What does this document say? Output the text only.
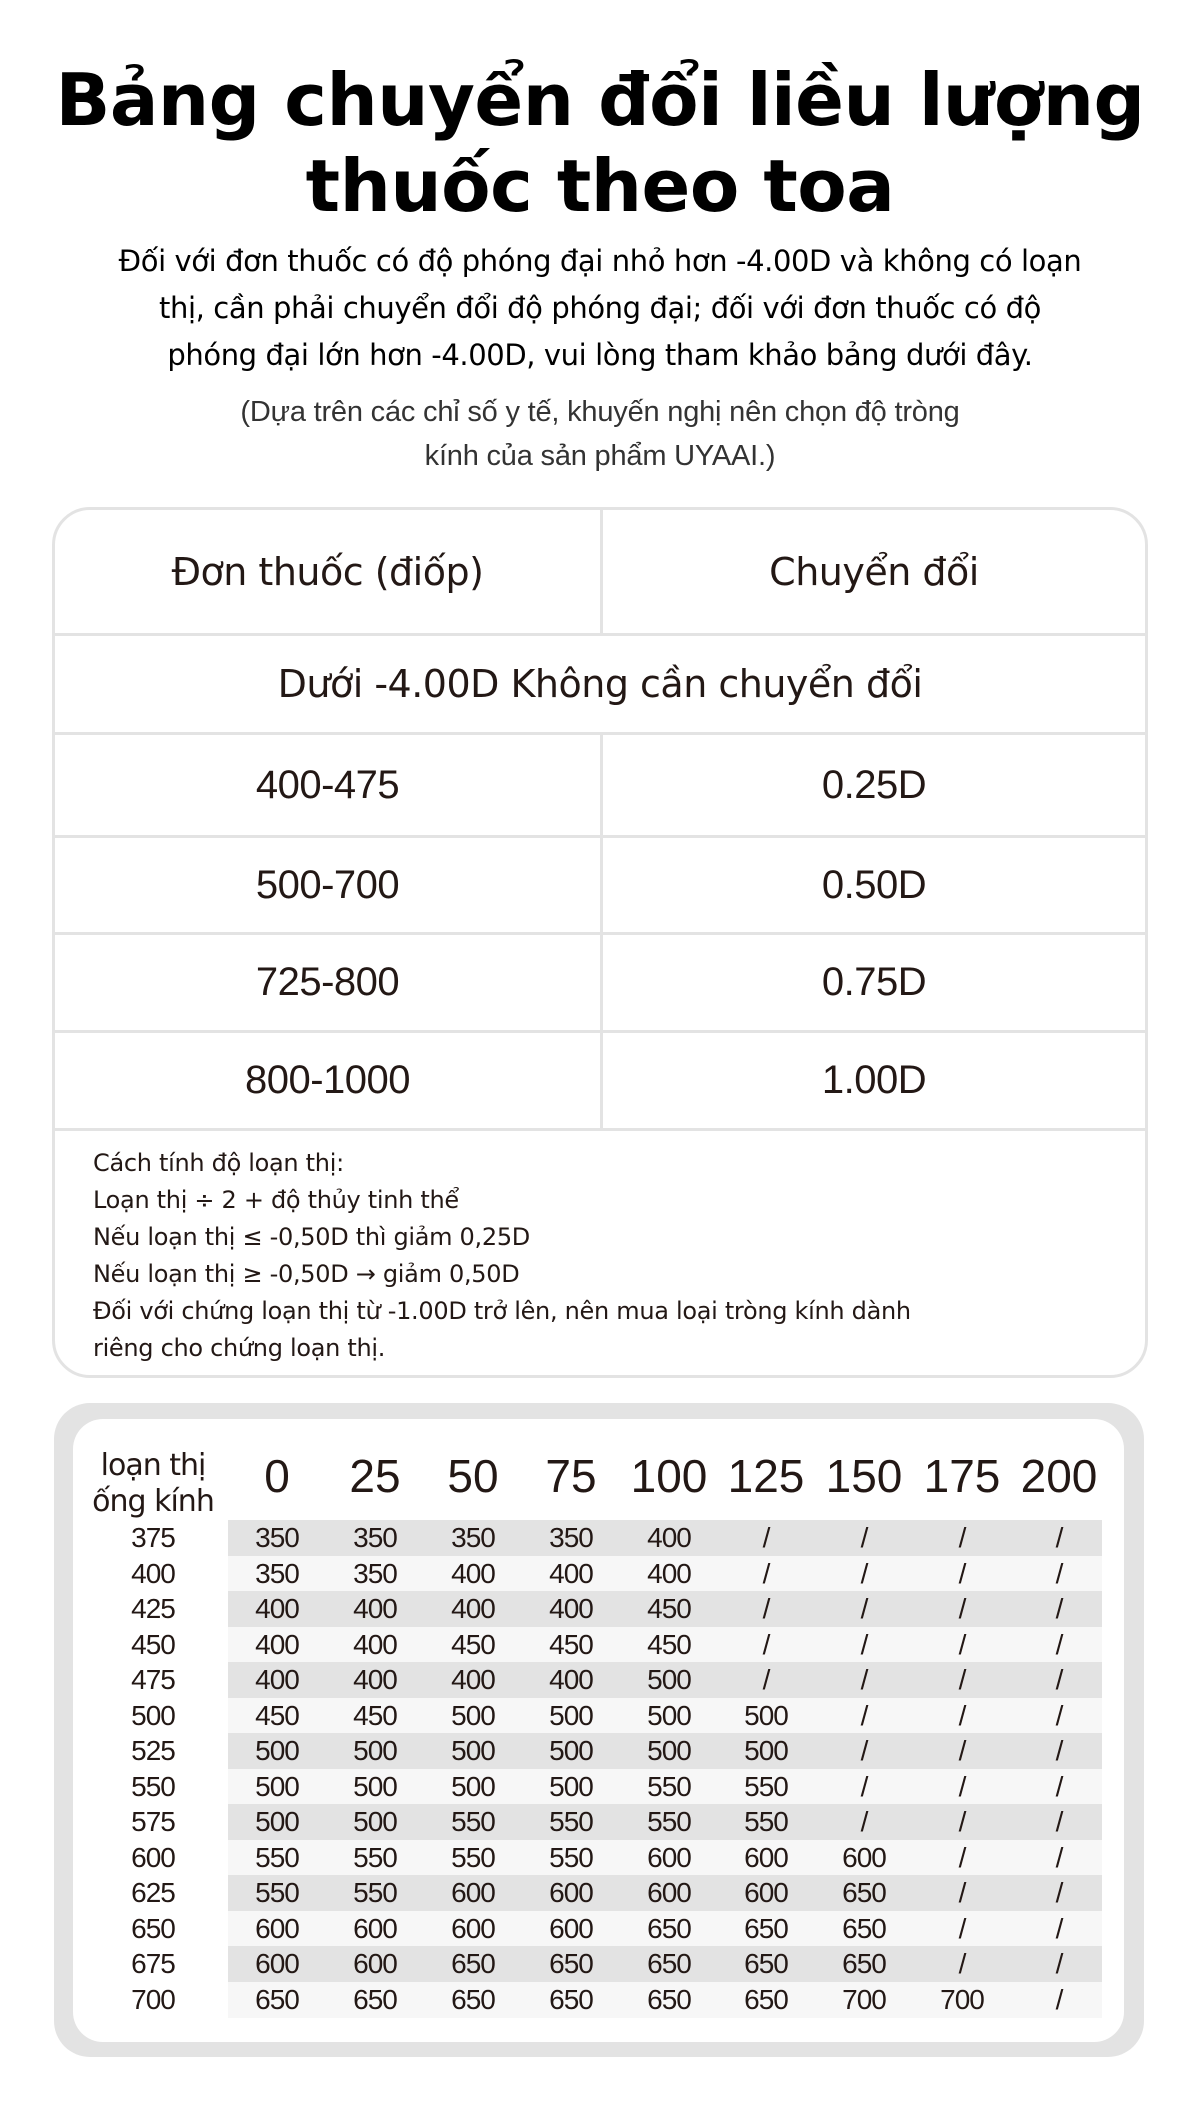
Bảng chuyển đổi liều lượng
thuốc theo toa
Đối với đơn thuốc có độ phóng đại nhỏ hơn -4.00D và không có loạn
thị, cần phải chuyển đổi độ phóng đại; đối với đơn thuốc có độ
phóng đại lớn hơn -4.00D, vui lòng tham khảo bảng dưới đây.
(Dựa trên các chỉ số y tế, khuyến nghị nên chọn độ tròng
kính của sản phẩm UYAAI.)
Đơn thuốc (điốp)	Chuyển đổi
Dưới -4.00D Không cần chuyển đổi
400-475	0.25D
500-700	0.50D
725-800	0.75D
800-1000	1.00D
Cách tính độ loạn thị:
Loạn thị ÷ 2 + độ thủy tinh thể
Nếu loạn thị ≤ -0,50D thì giảm 0,25D
Nếu loạn thị ≥ -0,50D → giảm 0,50D
Đối với chứng loạn thị từ -1.00D trở lên, nên mua loại tròng kính dành
riêng cho chứng loạn thị.
loạn thị
ống kính	0	25	50	75 100 125 150 175 200
375	350	350	350	350	400	/	/	/	/
400	350	350	400	400	400	/	/	/	/
425	400	400	400	400	450	/	/	/	/
450	400	400	450	450	450	/	/	/	/
475	400	400	400	400	500	/	/	/	/
500	450	450	500	500	500	500	/	/	/
525	500	500	500	500	500	500	/	/	/
550	500	500	500	500	550	550	/	/	/
575	500	500	550	550	550	550	/	/	/
600	550	550	550	550	600	600	600	/	/
625	550	550	600	600	600	600	650	/	/
650	600	600	600	600	650	650	650	/	/
675	600	600	650	650	650	650	650	/	/
700	650	650	650	650	650	650	700	700	/
